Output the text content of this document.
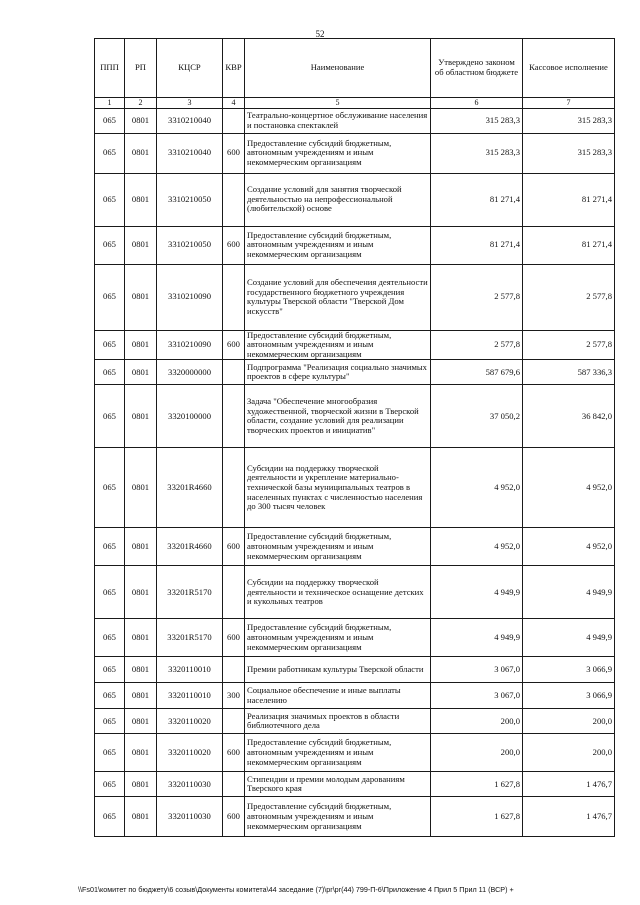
52
ППП	РП	КЦСР	КВР	Наименование	Утверждено законом об областном бюджете	Кассовое исполнение
1	2	3	4	5	6	7
065	0801	3310210040		Театрально-концертное обслуживание населения и постановка спектаклей	315 283,3	315 283,3
065	0801	3310210040	600	Предоставление субсидий бюджетным, автономным учреждениям и иным некоммерческим организациям	315 283,3	315 283,3
065	0801	3310210050		Создание условий для занятия творческой деятельностью на непрофессиональной (любительской) основе	81 271,4	81 271,4
065	0801	3310210050	600	Предоставление субсидий бюджетным, автономным учреждениям и иным некоммерческим организациям	81 271,4	81 271,4
065	0801	3310210090		Создание условий для обеспечения деятельности государственного бюджетного учреждения культуры Тверской области "Тверской Дом искусств"	2 577,8	2 577,8
065	0801	3310210090	600	Предоставление субсидий бюджетным, автономным учреждениям и иным некоммерческим организациям	2 577,8	2 577,8
065	0801	3320000000		Подпрограмма "Реализация социально значимых проектов в сфере культуры"	587 679,6	587 336,3
065	0801	3320100000		Задача "Обеспечение многообразия художественной, творческой жизни в Тверской области, создание условий для реализации творческих проектов и инициатив"	37 050,2	36 842,0
065	0801	33201R4660		Субсидии на поддержку творческой деятельности и укрепление материально-технической базы муниципальных театров в населенных пунктах с численностью населения до 300 тысяч человек	4 952,0	4 952,0
065	0801	33201R4660	600	Предоставление субсидий бюджетным, автономным учреждениям и иным некоммерческим организациям	4 952,0	4 952,0
065	0801	33201R5170		Субсидии на поддержку творческой деятельности и техническое оснащение детских и кукольных театров	4 949,9	4 949,9
065	0801	33201R5170	600	Предоставление субсидий бюджетным, автономным учреждениям и иным некоммерческим организациям	4 949,9	4 949,9
065	0801	3320110010		Премии работникам культуры Тверской области	3 067,0	3 066,9
065	0801	3320110010	300	Социальное обеспечение и иные выплаты населению	3 067,0	3 066,9
065	0801	3320110020		Реализация значимых проектов в области библиотечного дела	200,0	200,0
065	0801	3320110020	600	Предоставление субсидий бюджетным, автономным учреждениям и иным некоммерческим организациям	200,0	200,0
065	0801	3320110030		Стипендии и премии молодым дарованиям Тверского края	1 627,8	1 476,7
065	0801	3320110030	600	Предоставление субсидий бюджетным, автономным учреждениям и иным некоммерческим организациям	1 627,8	1 476,7
\\Fs01\комитет по бюджету\6 созыв\Документы комитета\44 заседание (7)\pr\pr(44) 799-П-6\Приложение 4 Прил 5 Прил 11 (ВСР) +
